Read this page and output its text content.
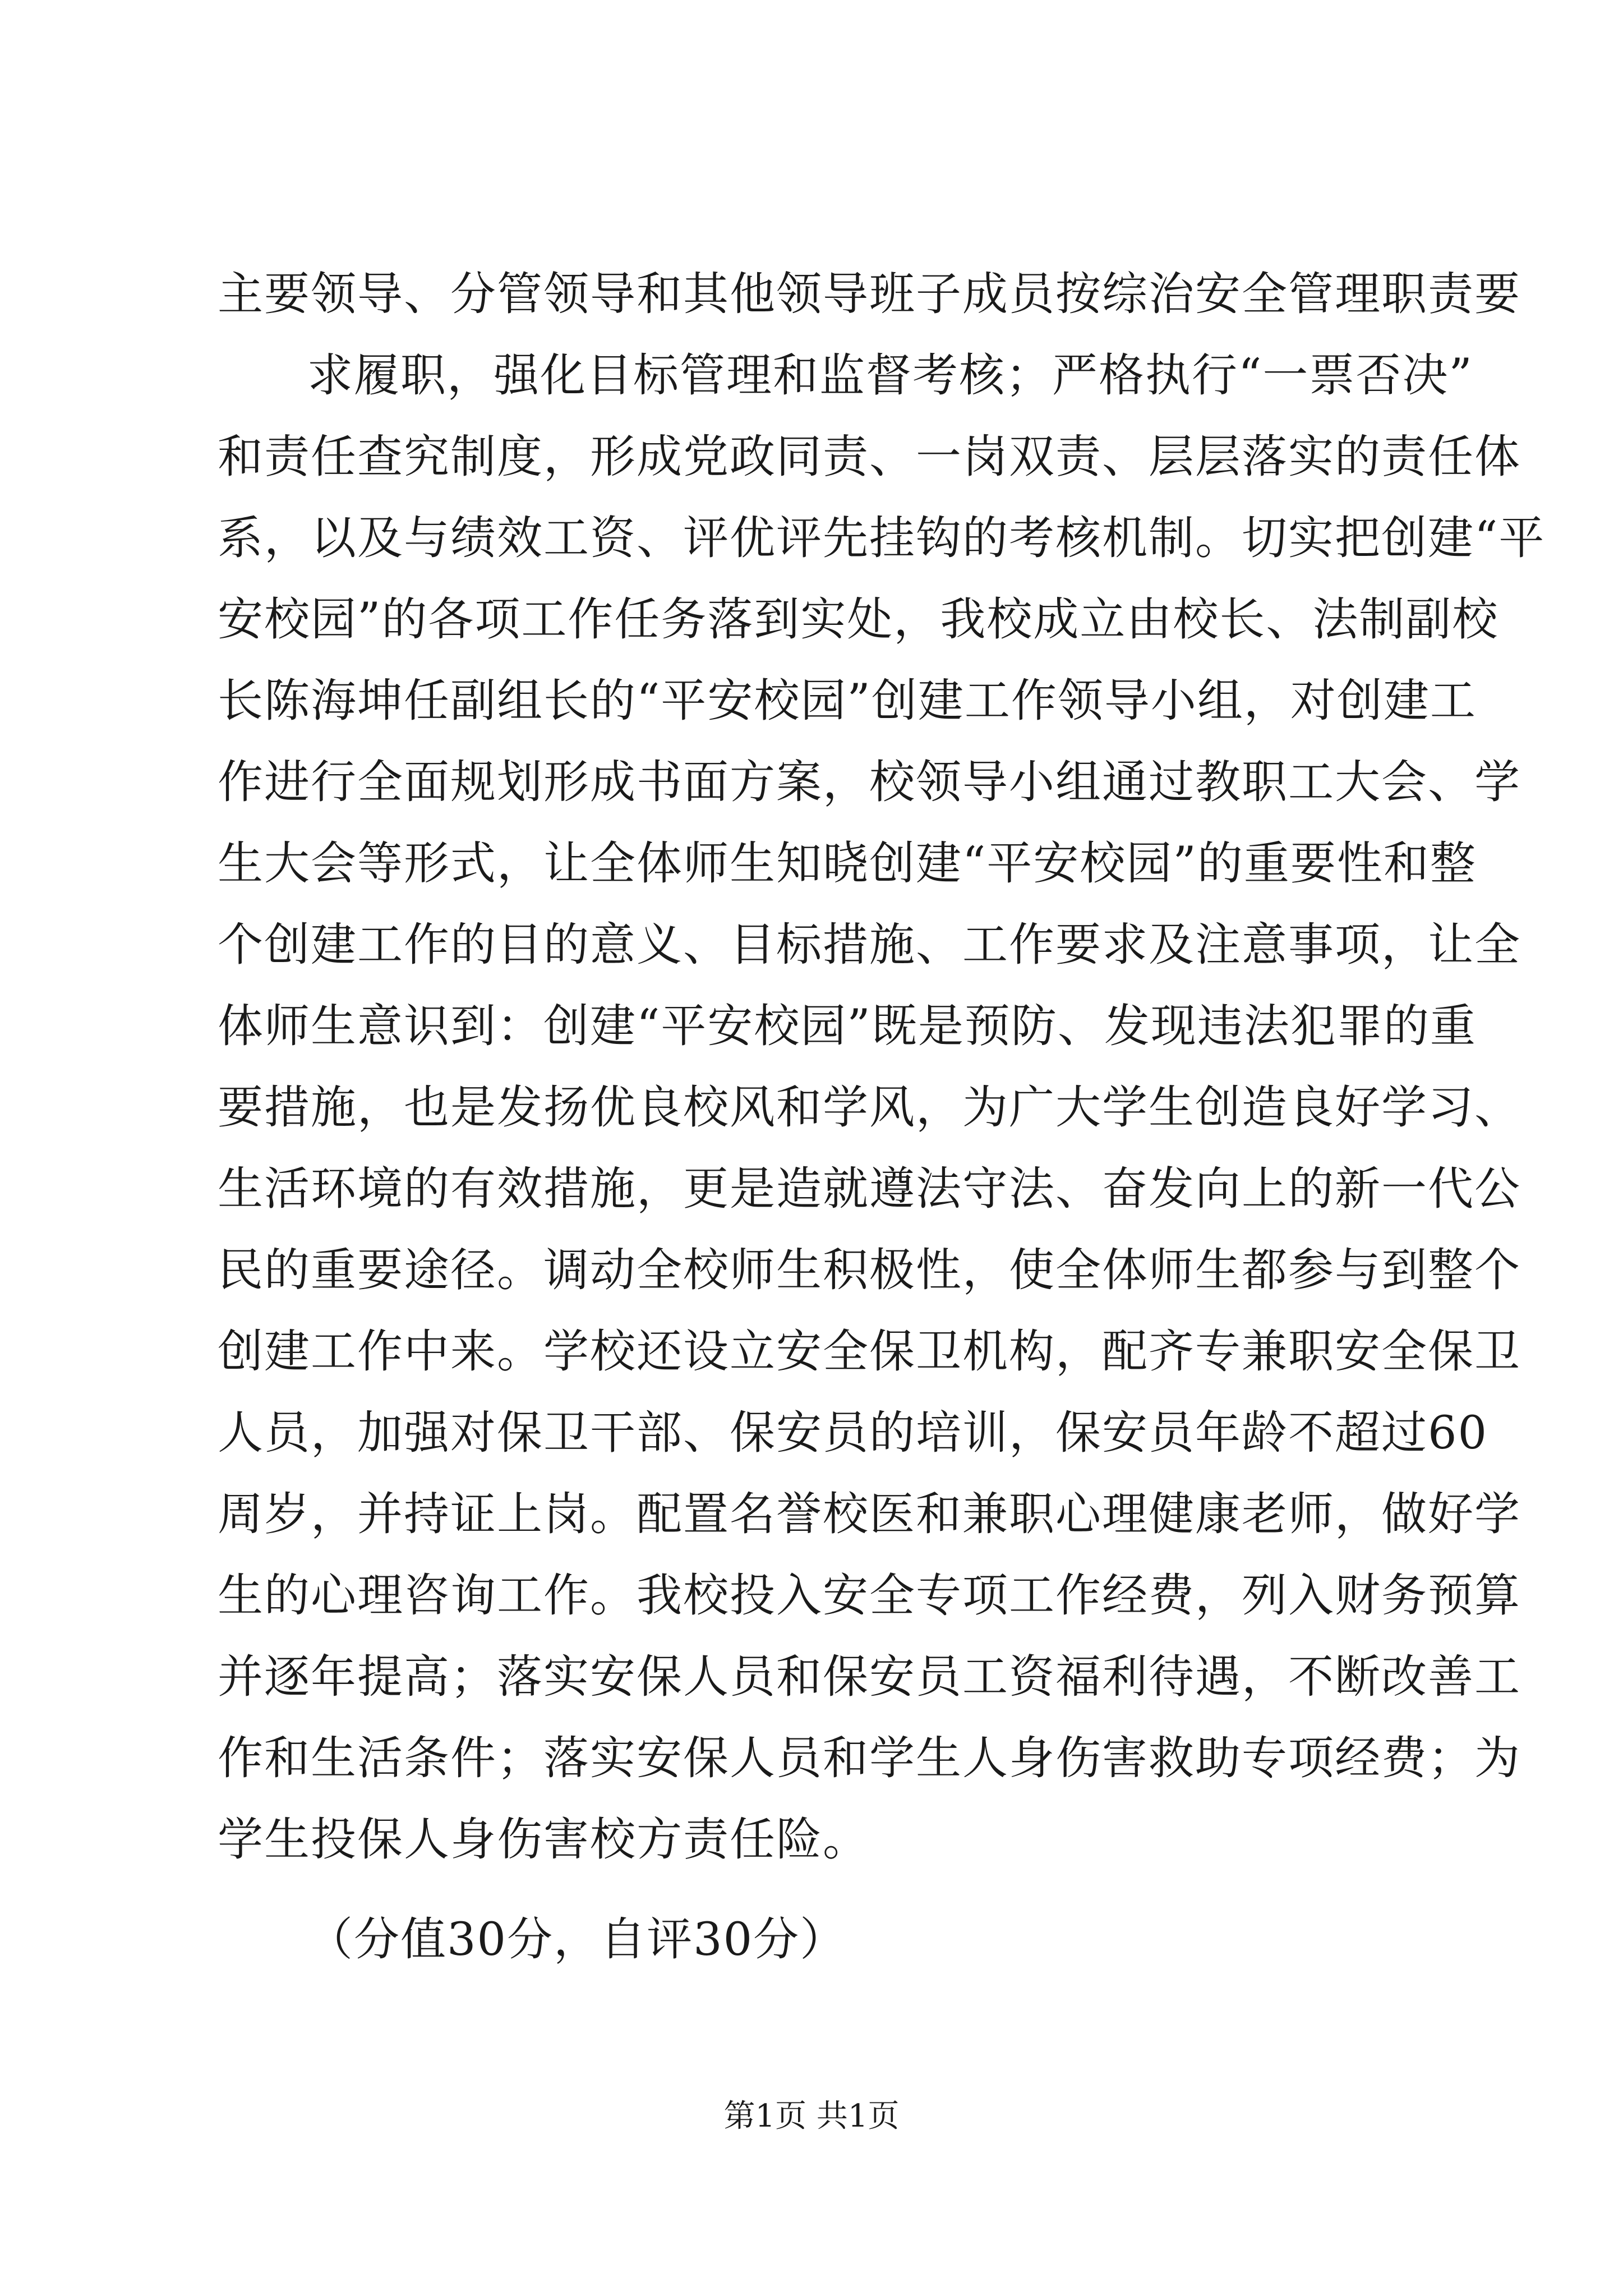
主要领导、分管领导和其他领导班子成员按综治安全管理职责要
求履职，强化目标管理和监督考核；严格执行“一票否决”
和责任查究制度，形成党政同责、一岗双责、层层落实的责任体
系，以及与绩效工资、评优评先挂钩的考核机制。切实把创建“平
安校园”的各项工作任务落到实处，我校成立由校长、法制副校
长陈海坤任副组长的“平安校园”创建工作领导小组，对创建工
作进行全面规划形成书面方案，校领导小组通过教职工大会、学
生大会等形式，让全体师生知晓创建“平安校园”的重要性和整
个创建工作的目的意义、目标措施、工作要求及注意事项，让全
体师生意识到：创建“平安校园”既是预防、发现违法犯罪的重
要措施，也是发扬优良校风和学风，为广大学生创造良好学习、
生活环境的有效措施，更是造就遵法守法、奋发向上的新一代公
民的重要途径。调动全校师生积极性，使全体师生都参与到整个
创建工作中来。学校还设立安全保卫机构，配齐专兼职安全保卫
人员，加强对保卫干部、保安员的培训，保安员年龄不超过60
周岁，并持证上岗。配置名誉校医和兼职心理健康老师，做好学
生的心理咨询工作。我校投入安全专项工作经费，列入财务预算
并逐年提高；落实安保人员和保安员工资福利待遇，不断改善工
作和生活条件；落实安保人员和学生人身伤害救助专项经费；为
学生投保人身伤害校方责任险。
（分值30分，自评30分）
第1页 共1页
